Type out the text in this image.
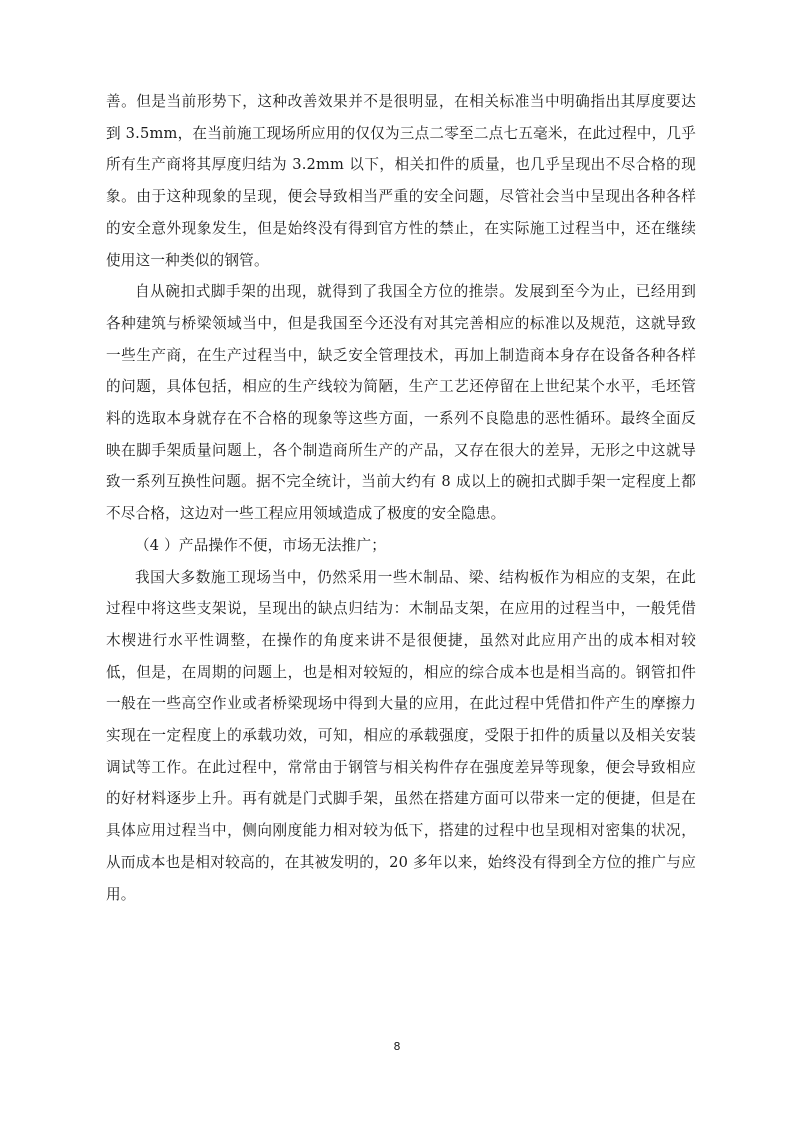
善。但是当前形势下，这种改善效果并不是很明显，在相关标准当中明确指出其厚度要达到 3.5mm，在当前施工现场所应用的仅仅为三点二零至二点七五毫米，在此过程中，几乎所有生产商将其厚度归结为 3.2mm 以下，相关扣件的质量，也几乎呈现出不尽合格的现象。由于这种现象的呈现，便会导致相当严重的安全问题，尽管社会当中呈现出各种各样的安全意外现象发生，但是始终没有得到官方性的禁止，在实际施工过程当中，还在继续使用这一种类似的钢管。

自从碗扣式脚手架的出现，就得到了我国全方位的推崇。发展到至今为止，已经用到各种建筑与桥梁领域当中，但是我国至今还没有对其完善相应的标准以及规范，这就导致一些生产商，在生产过程当中，缺乏安全管理技术，再加上制造商本身存在设备各种各样的问题，具体包括，相应的生产线较为简陋，生产工艺还停留在上世纪某个水平，毛坯管料的选取本身就存在不合格的现象等这些方面，一系列不良隐患的恶性循环。最终全面反映在脚手架质量问题上，各个制造商所生产的产品，又存在很大的差异，无形之中这就导致一系列互换性问题。据不完全统计，当前大约有 8 成以上的碗扣式脚手架一定程度上都不尽合格，这边对一些工程应用领域造成了极度的安全隐患。

（4 ）产品操作不便，市场无法推广；

我国大多数施工现场当中，仍然采用一些木制品、梁、结构板作为相应的支架，在此过程中将这些支架说，呈现出的缺点归结为：木制品支架，在应用的过程当中，一般凭借木楔进行水平性调整，在操作的角度来讲不是很便捷，虽然对此应用产出的成本相对较低，但是，在周期的问题上，也是相对较短的，相应的综合成本也是相当高的。钢管扣件一般在一些高空作业或者桥梁现场中得到大量的应用，在此过程中凭借扣件产生的摩擦力实现在一定程度上的承载功效，可知，相应的承载强度，受限于扣件的质量以及相关安装调试等工作。在此过程中，常常由于钢管与相关构件存在强度差异等现象，便会导致相应的好材料逐步上升。再有就是门式脚手架，虽然在搭建方面可以带来一定的便捷，但是在具体应用过程当中，侧向刚度能力相对较为低下，搭建的过程中也呈现相对密集的状况，从而成本也是相对较高的，在其被发明的，20 多年以来，始终没有得到全方位的推广与应用。

8
